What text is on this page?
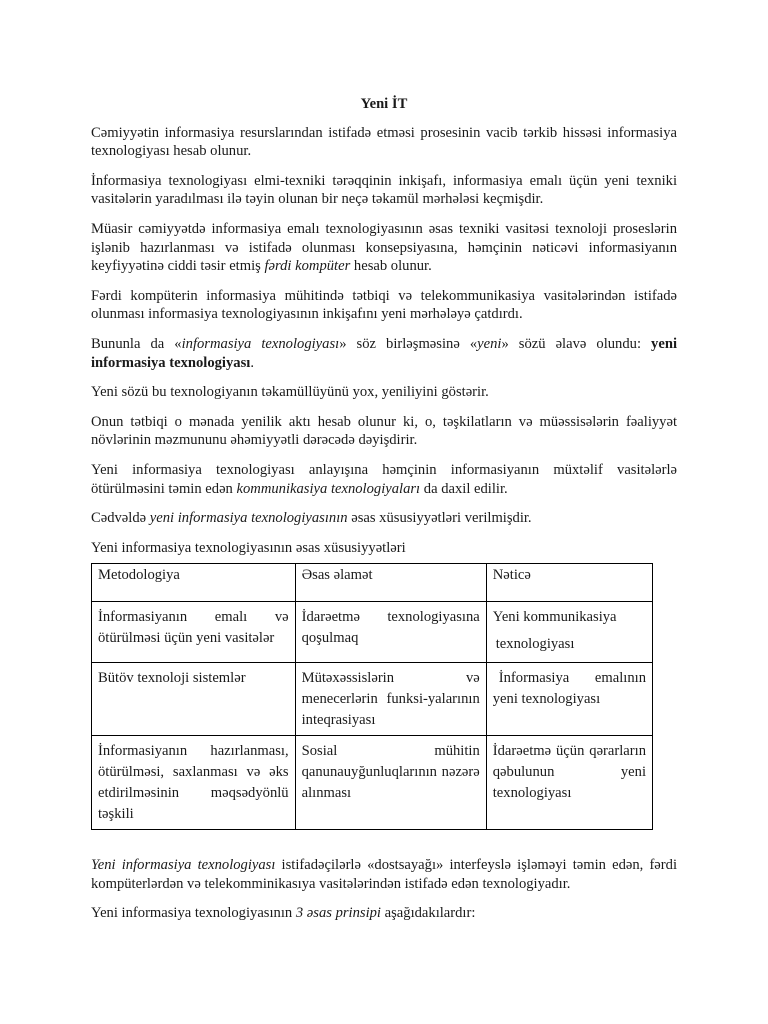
Yeni İT

Cəmiyyətin informasiya resurslarından istifadə etməsi prosesinin vacib tərkib hissəsi informasiya texnologiyası hesab olunur.

İnformasiya texnologiyası elmi-texniki tərəqqinin inkişafı, informasiya emalı üçün yeni texniki vasitələrin yaradılması ilə təyin olunan bir neçə təkamül mərhələsi keçmişdir.

Müasir cəmiyyətdə informasiya emalı texnologiyasının əsas texniki vasitəsi texnoloji proseslərin işlənib hazırlanması və istifadə olunması konsepsiyasına, həmçinin nəticəvi informasiyanın keyfiyyətinə ciddi təsir etmiş fərdi kompüter hesab olunur.

Fərdi kompüterin informasiya mühitində tətbiqi və telekommunikasiya vasitələrindən istifadə olunması informasiya texnologiyasının inkişafını yeni mərhələyə çatdırdı.

Bununla da «informasiya texnologiyası» söz birləşməsinə «yeni» sözü əlavə olundu: yeni informasiya texnologiyası.

Yeni sözü bu texnologiyanın təkamüllüyünü yox, yeniliyini göstərir.

Onun tətbiqi o mənada yenilik aktı hesab olunur ki, o, təşkilatların və müəssisələrin fəaliyyət növlərinin məzmununu əhəmiyyətli dərəcədə dəyişdirir.

Yeni informasiya texnologiyası anlayışına həmçinin informasiyanın müxtəlif vasitələrlə ötürülməsini təmin edən kommunikasiya texnologiyaları da daxil edilir.

Cədvəldə yeni informasiya texnologiyasının əsas xüsusiyyətləri verilmişdir.

Yeni informasiya texnologiyasının əsas xüsusiyyətləri

Metodologiya	Əsas əlamət	Nəticə
İnformasiyanın emalı və ötürülməsi üçün yeni vasitələr	İdarəetmə texnologiyasına qoşulmaq	Yeni kommunikasiya
texnologiyası

Bütöv texnoloji sistemlər	Mütəxəssislərin və menecerlərin funksi-yalarının inteqrasiyası	İnformasiya emalının yeni texnologiyası
İnformasiyanın hazırlanması, ötürülməsi, saxlanması və əks etdirilməsinin məqsədyönlü təşkili	Sosial mühitin qanunauyğunluqlarının nəzərə alınması	İdarəetmə üçün qərarların qəbulunun yeni texnologiyası

Yeni informasiya texnologiyası istifadəçilərlə «dostsayağı» interfeyslə işləməyi təmin edən, fərdi kompüterlərdən və telekomminikasıya vasitələrindən istifadə edən texnologiyadır.

Yeni informasiya texnologiyasının 3 əsas prinsipi aşağıdakılardır:
